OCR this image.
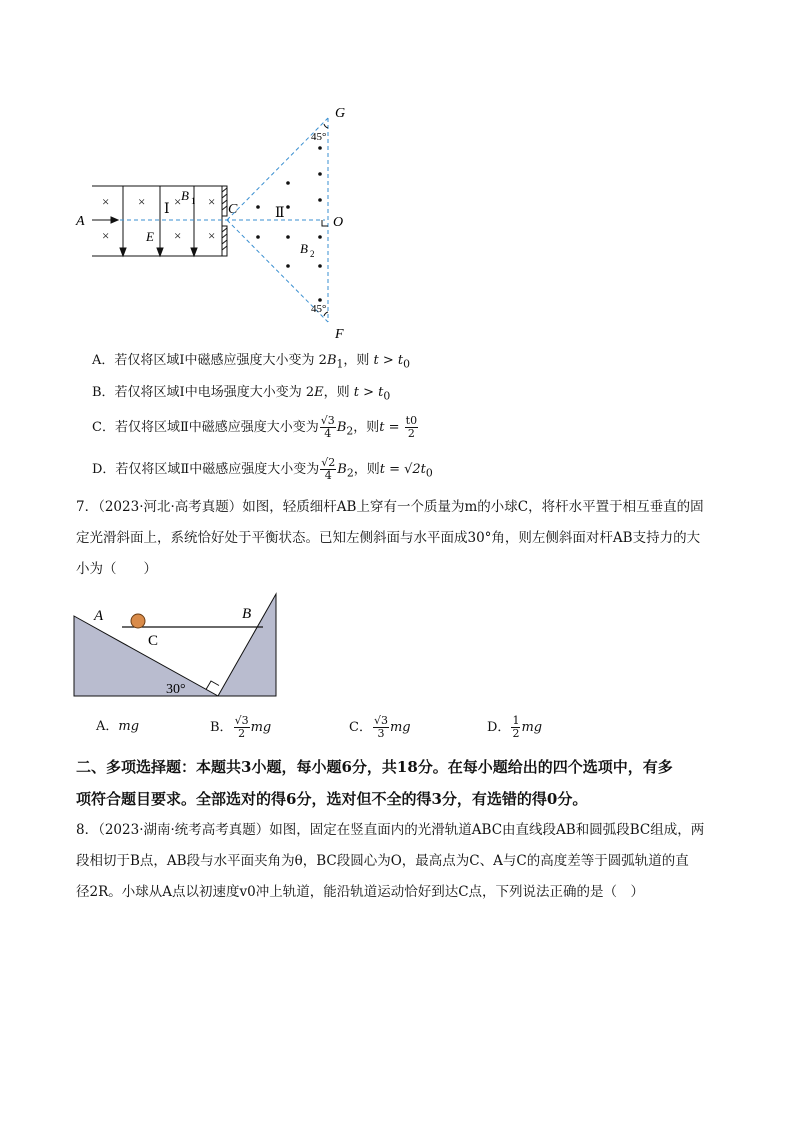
× × × ×
×	× ×
A
E
Ⅰ
B 1
C	Ⅱ
O
G
F
45°
45°
B 2
A．若仅将区域Ⅰ中磁感应强度大小变为 $2B_1$，则 $t > t_0$
B．若仅将区域Ⅰ中电场强度大小变为 2E，则 $t > t_0$
C．若仅将区域Ⅱ中磁感应强度大小变为 $\frac{√3}{4} B_2$，则$t = \frac{t0}{2}$
D．若仅将区域Ⅱ中磁感应强度大小变为 $\frac{√2}{4} B_2$，则$t = √2t_0$
7．（2023·河北·高考真题）如图，轻质细杆AB上穿有一个质量为m的小球C，将杆水平置于相互垂直的固
定光滑斜面上，系统恰好处于平衡状态。已知左侧斜面与水平面成30°角，则左侧斜面对杆AB支持力的大
小为（　　）
A	B
C
30°
A．mg	B． $\frac{√3}{2}$ mg	C． $\frac{√3}{3}$ mg	D． $\frac{1}{2}$ mg
二、多项选择题：本题共3小题，每小题6分，共18分。在每小题给出的四个选项中，有多
项符合题目要求。全部选对的得6分，选对但不全的得3分，有选错的得0分。
8．（2023·湖南·统考高考真题）如图，固定在竖直面内的光滑轨道ABC由直线段AB和圆弧段BC组成，两
段相切于B点，AB段与水平面夹角为θ，BC段圆心为O，最高点为C、A与C的高度差等于圆弧轨道的直
径2R。小球从A点以初速度v0冲上轨道，能沿轨道运动恰好到达C点，下列说法正确的是（　）
